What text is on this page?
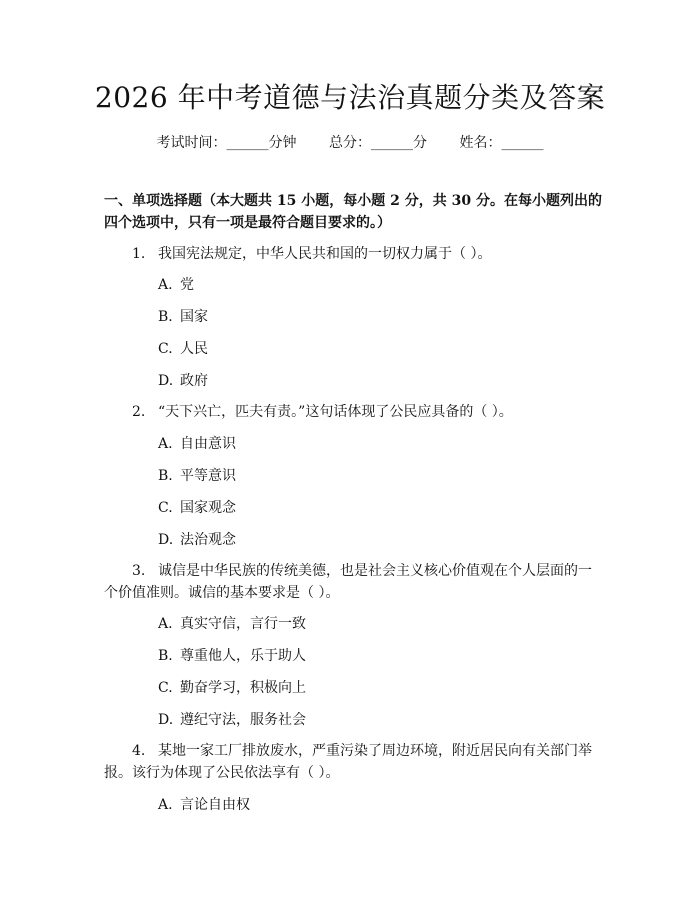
2026 年中考道德与法治真题分类及答案
考试时间：______分钟 总分：______分 姓名：______
一、单项选择题（本大题共 15 小题，每小题 2 分，共 30 分。在每小题列出的四个选项中，只有一项是最符合题目要求的。）
1. 我国宪法规定，中华人民共和国的一切权力属于（ ）。
A. 党
B. 国家
C. 人民
D. 政府
2. “天下兴亡，匹夫有责。”这句话体现了公民应具备的（ ）。
A. 自由意识
B. 平等意识
C. 国家观念
D. 法治观念
3. 诚信是中华民族的传统美德，也是社会主义核心价值观在个人层面的一个价值准则。诚信的基本要求是（ ）。
A. 真实守信，言行一致
B. 尊重他人，乐于助人
C. 勤奋学习，积极向上
D. 遵纪守法，服务社会
4. 某地一家工厂排放废水，严重污染了周边环境，附近居民向有关部门举报。该行为体现了公民依法享有（ ）。
A. 言论自由权
